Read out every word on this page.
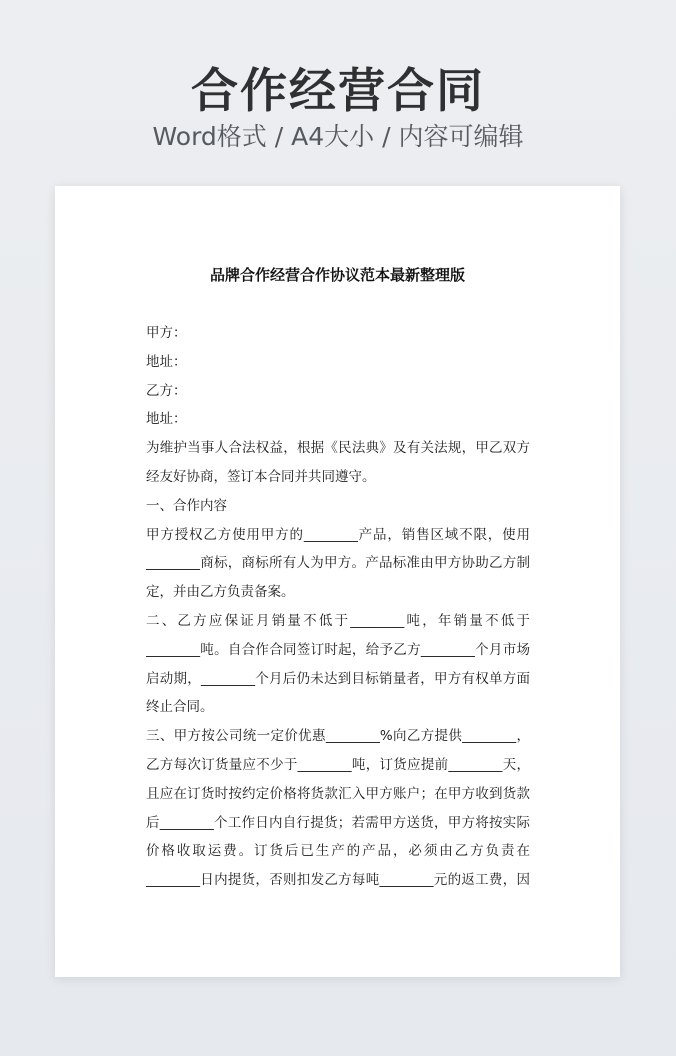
合作经营合同
Word格式 / A4大小 / 内容可编辑
品牌合作经营合作协议范本最新整理版
甲方：
地址：
乙方：
地址：
为维护当事人合法权益，根据《民法典》及有关法规，甲乙双方
经友好协商，签订本合同并共同遵守。
一、合作内容
甲方授权乙方使用甲方的________产品，销售区域不限，使用
________商标，商标所有人为甲方。产品标准由甲方协助乙方制
定，并由乙方负责备案。
二、乙方应保证月销量不低于________吨，年销量不低于
________吨。自合作合同签订时起，给予乙方________个月市场
启动期，________个月后仍未达到目标销量者，甲方有权单方面
终止合同。
三、甲方按公司统一定价优惠________%向乙方提供________，
乙方每次订货量应不少于________吨，订货应提前________天，
且应在订货时按约定价格将货款汇入甲方账户；在甲方收到货款
后________个工作日内自行提货；若需甲方送货，甲方将按实际
价格收取运费。订货后已生产的产品，必须由乙方负责在
________日内提货，否则扣发乙方每吨________元的返工费，因
